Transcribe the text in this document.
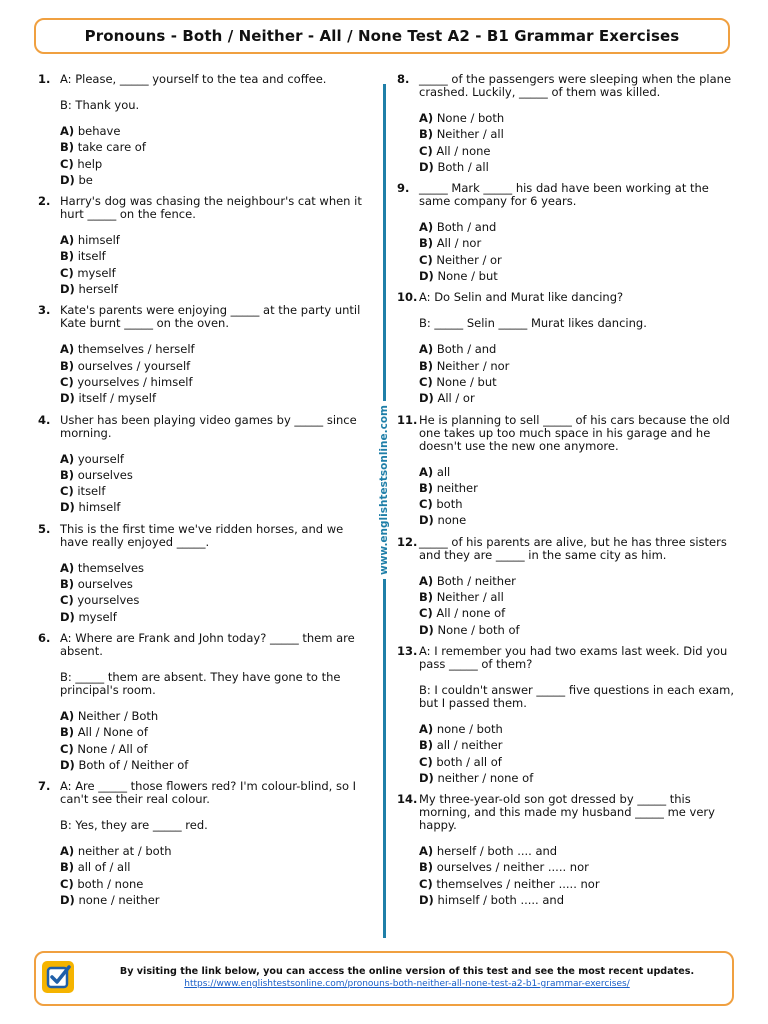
Pronouns - Both / Neither - All / None Test A2 - B1 Grammar Exercises
www.englishtestsonline.com
1. A: Please, _____ yourself to the tea and coffee.
B: Thank you.
A) behave
B) take care of
C) help
D) be
2. Harry's dog was chasing the neighbour's cat when it hurt _____ on the fence.
A) himself
B) itself
C) myself
D) herself
3. Kate's parents were enjoying _____ at the party until Kate burnt _____ on the oven.
A) themselves / herself
B) ourselves / yourself
C) yourselves / himself
D) itself / myself
4. Usher has been playing video games by _____ since morning.
A) yourself
B) ourselves
C) itself
D) himself
5. This is the first time we've ridden horses, and we have really enjoyed _____.
A) themselves
B) ourselves
C) yourselves
D) myself
6. A: Where are Frank and John today? _____ them are absent.
B: _____ them are absent. They have gone to the principal's room.
A) Neither / Both
B) All / None of
C) None / All of
D) Both of / Neither of
7. A: Are _____ those flowers red? I'm colour-blind, so I can't see their real colour.
B: Yes, they are _____ red.
A) neither at / both
B) all of / all
C) both / none
D) none / neither
8. _____ of the passengers were sleeping when the plane crashed. Luckily, _____ of them was killed.
A) None / both
B) Neither / all
C) All / none
D) Both / all
9. _____ Mark _____ his dad have been working at the same company for 6 years.
A) Both / and
B) All / nor
C) Neither / or
D) None / but
10. A: Do Selin and Murat like dancing?
B: _____ Selin _____ Murat likes dancing.
A) Both / and
B) Neither / nor
C) None / but
D) All / or
11. He is planning to sell _____ of his cars because the old one takes up too much space in his garage and he doesn't use the new one anymore.
A) all
B) neither
C) both
D) none
12. _____ of his parents are alive, but he has three sisters and they are _____ in the same city as him.
A) Both / neither
B) Neither / all
C) All / none of
D) None / both of
13. A: I remember you had two exams last week. Did you pass _____ of them?
B: I couldn't answer _____ five questions in each exam, but I passed them.
A) none / both
B) all / neither
C) both / all of
D) neither / none of
14. My three-year-old son got dressed by _____ this morning, and this made my husband _____ me very happy.
A) herself / both .... and
B) ourselves / neither ..... nor
C) themselves / neither ..... nor
D) himself / both ..... and
By visiting the link below, you can access the online version of this test and see the most recent updates.
https://www.englishtestsonline.com/pronouns-both-neither-all-none-test-a2-b1-grammar-exercises/
